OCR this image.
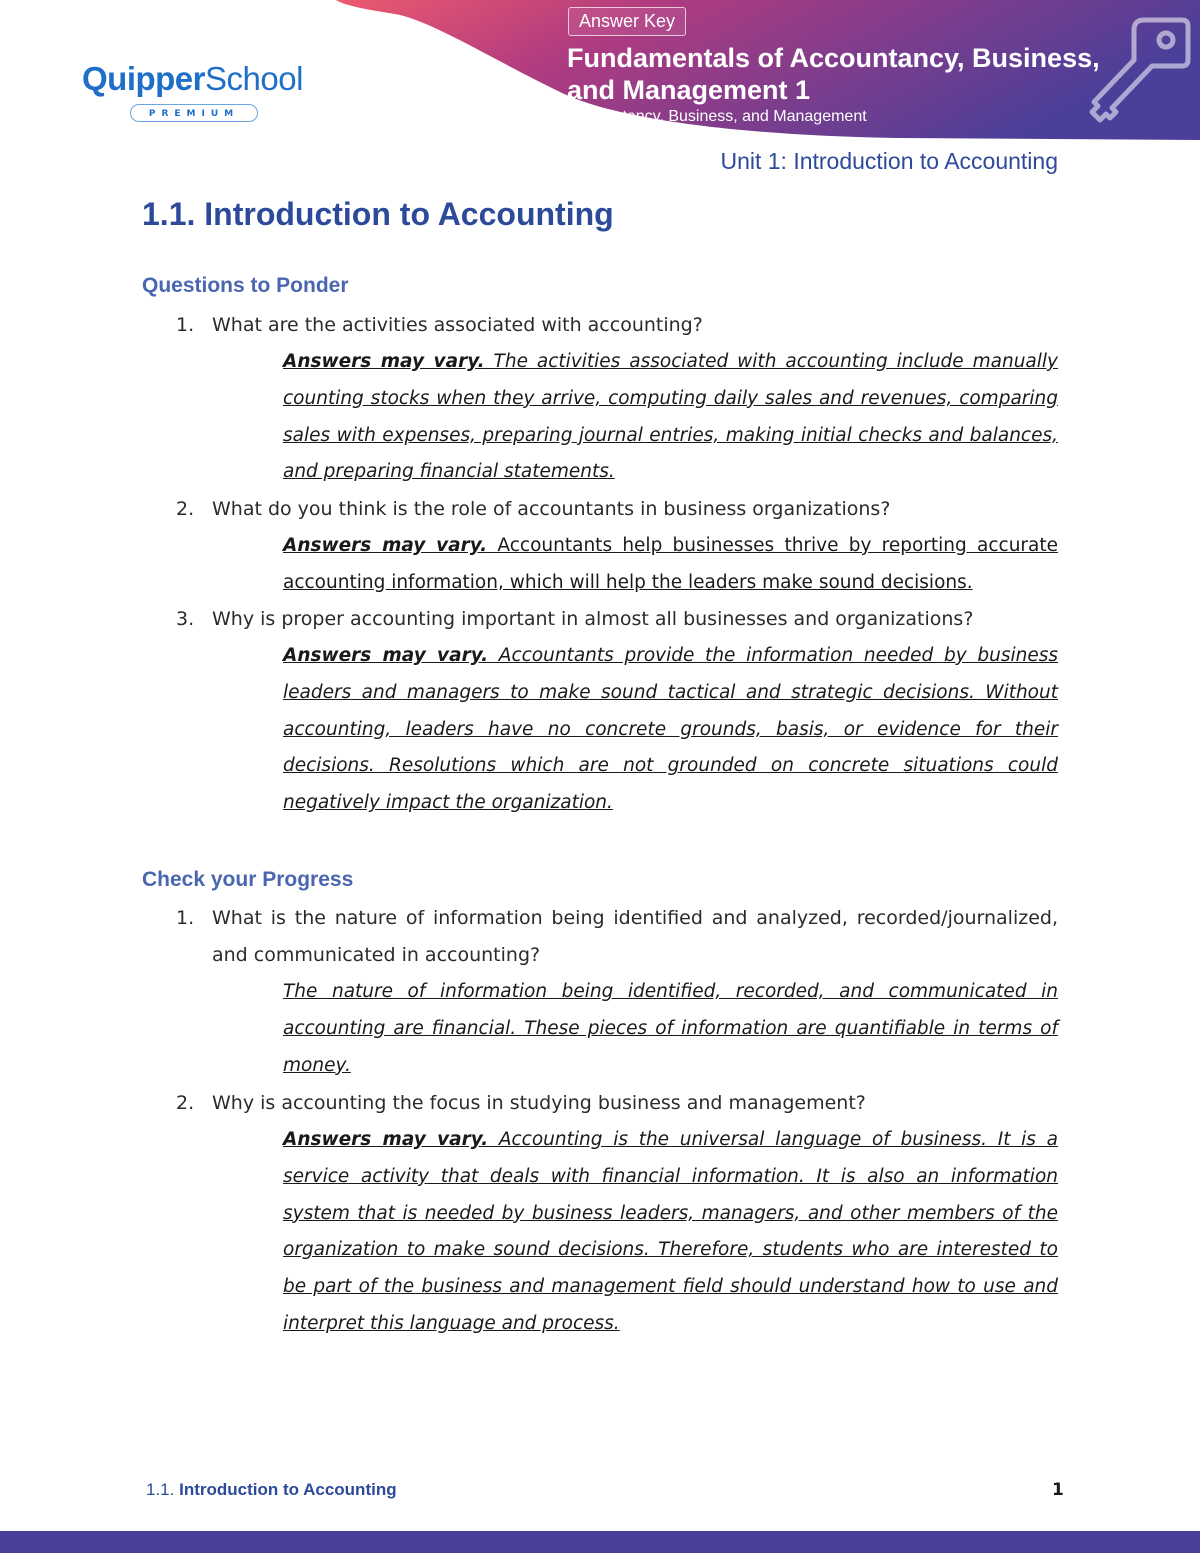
QuipperSchool
PREMIUM
Answer Key
Fundamentals of Accountancy, Business, and Management 1
Accountancy, Business, and Management
Unit 1: Introduction to Accounting
1.1. Introduction to Accounting
Questions to Ponder
1. What are the activities associated with accounting?
Answers may vary. The activities associated with accounting include manually counting stocks when they arrive, computing daily sales and revenues, comparing sales with expenses, preparing journal entries, making initial checks and balances, and preparing financial statements.
2. What do you think is the role of accountants in business organizations?
Answers may vary. Accountants help businesses thrive by reporting accurate accounting information, which will help the leaders make sound decisions.
3. Why is proper accounting important in almost all businesses and organizations?
Answers may vary. Accountants provide the information needed by business leaders and managers to make sound tactical and strategic decisions. Without accounting, leaders have no concrete grounds, basis, or evidence for their decisions. Resolutions which are not grounded on concrete situations could negatively impact the organization.
Check your Progress
1. What is the nature of information being identified and analyzed, recorded/journalized, and communicated in accounting?
The nature of information being identified, recorded, and communicated in accounting are financial. These pieces of information are quantifiable in terms of money.
2. Why is accounting the focus in studying business and management?
Answers may vary. Accounting is the universal language of business. It is a service activity that deals with financial information. It is also an information system that is needed by business leaders, managers, and other members of the organization to make sound decisions. Therefore, students who are interested to be part of the business and management field should understand how to use and interpret this language and process.
1.1. Introduction to Accounting	1
